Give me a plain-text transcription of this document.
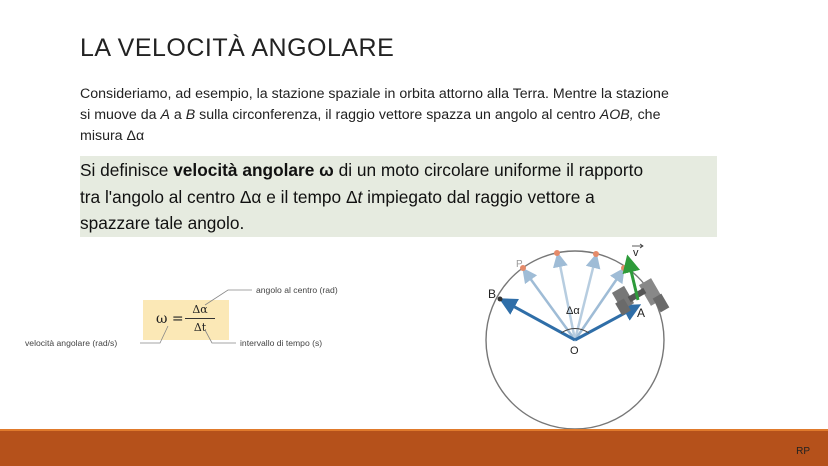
LA VELOCITÀ ANGOLARE
Consideriamo, ad esempio, la stazione spaziale in orbita attorno alla Terra. Mentre la stazione
si muove da A a B sulla circonferenza, il raggio vettore spazza un angolo al centro AOB, che
misura Δα
Si definisce velocità angolare ω di un moto circolare uniforme il rapporto
tra l'angolo al centro Δα e il tempo Δt impiegato dal raggio vettore a
spazzare tale angolo.
ω =
Δα
Δt
angolo al centro (rad)
velocità angolare (rad/s)	intervallo di tempo (s)
B
P
A
O
Δα
v
RP
